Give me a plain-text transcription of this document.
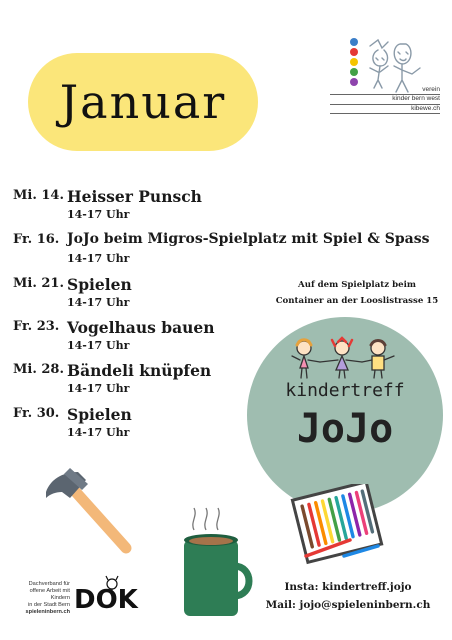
Januar	verein
kinder bern west
kibewe.ch
Mi. 14. Heisser Punsch
14-17 Uhr
Fr. 16. JoJo beim Migros-Spielplatz mit Spiel & Spass
14-17 Uhr
Mi. 21. Spielen
14-17 Uhr
Fr. 23. Vogelhaus bauen
14-17 Uhr
Mi. 28. Bändeli knüpfen
14-17 Uhr
Fr. 30. Spielen
14-17 Uhr
Auf dem Spielplatz beim
Container an der Looslistrasse 15
kindertreff
JoJo
Insta: kindertreff.jojo
Mail: jojo@spieleninbern.ch
Dachverband für
offene Arbeit mit Kindern
in der Stadt Bern
spieleninbern.ch DOK
